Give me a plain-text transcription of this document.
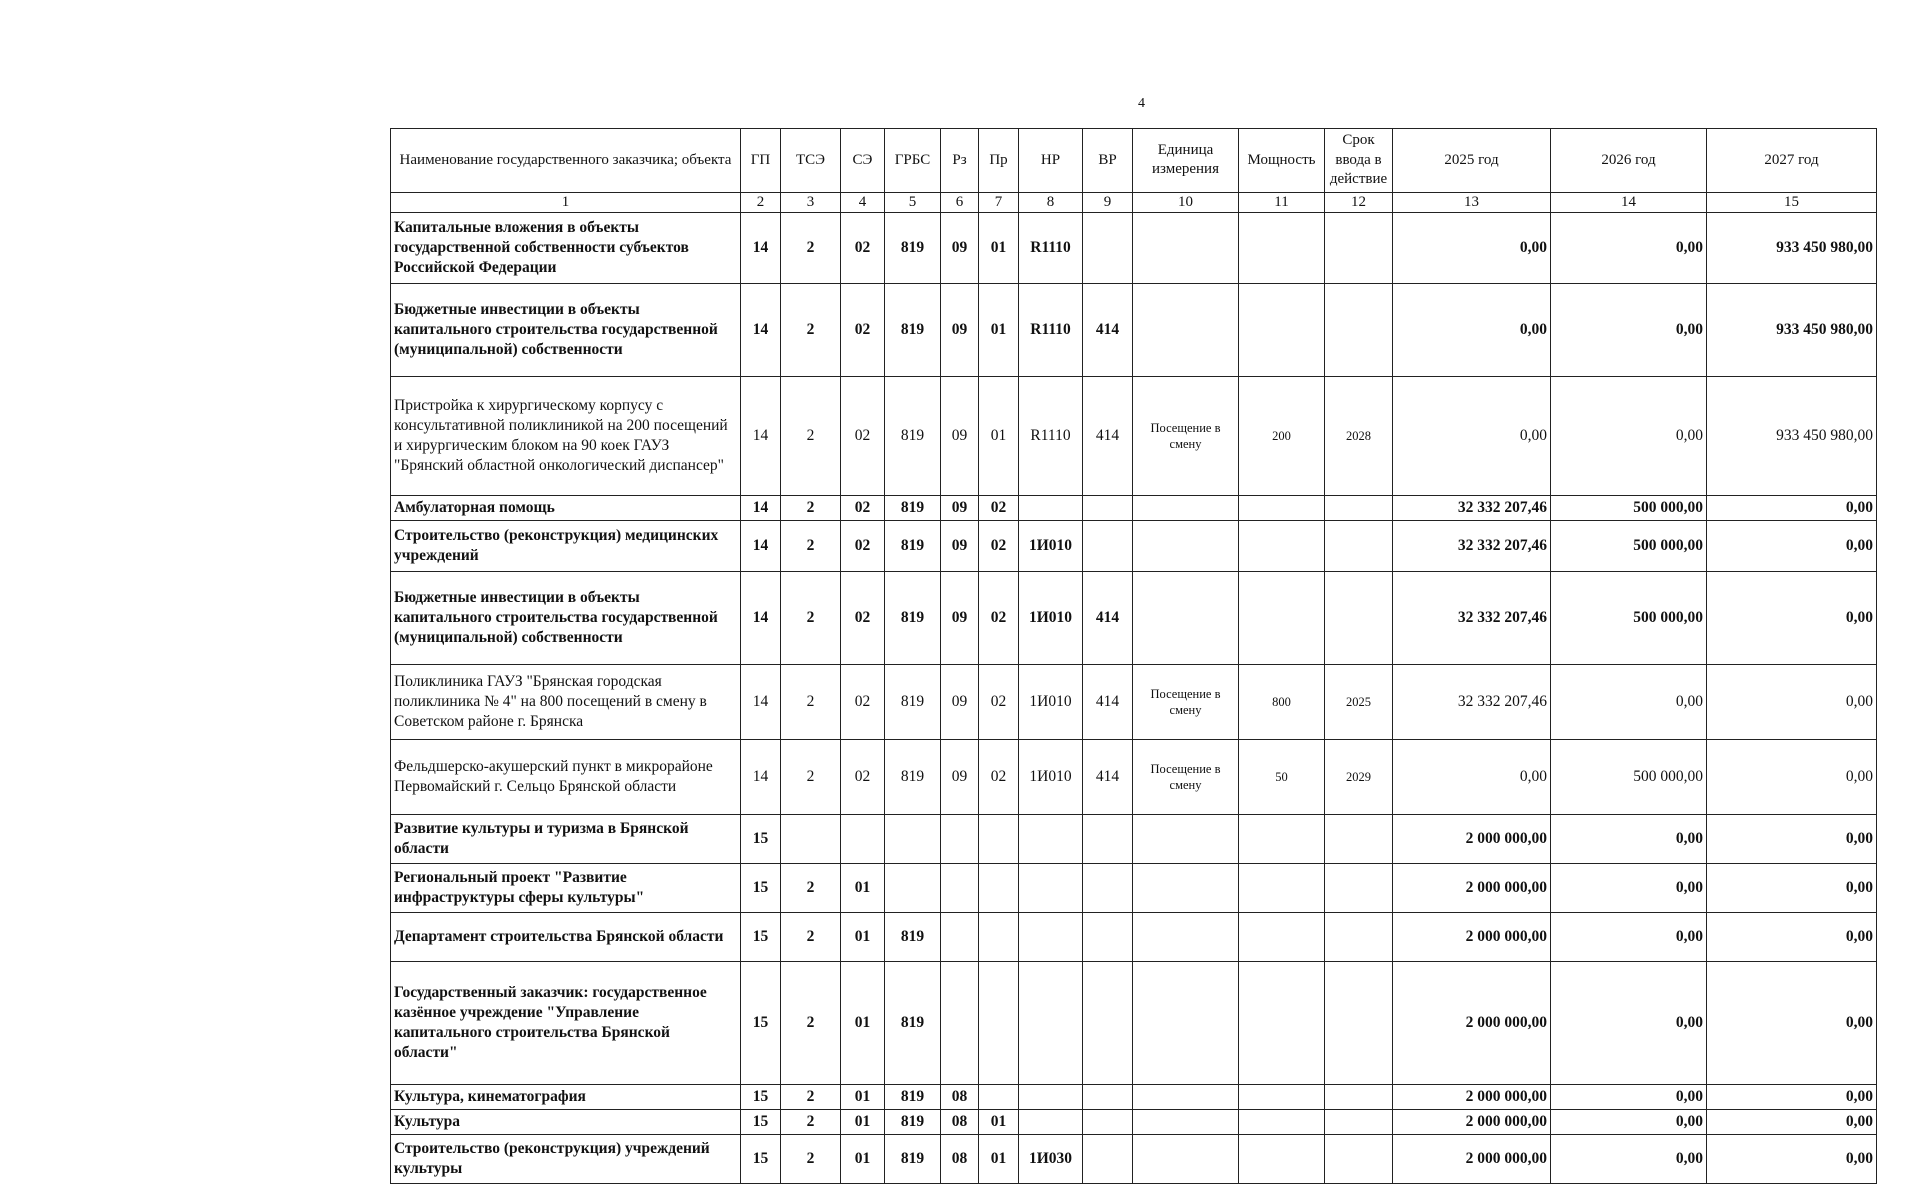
4
Наименование государственного заказчика; объекта	ГП	ТСЭ	СЭ	ГРБС	Рз	Пр	НР	ВР	Единица измерения	Мощность	Срок ввода в действие	2025 год	2026 год	2027 год
1	2	3	4	5	6	7	8	9	10	11	12	13	14	15
Капитальные вложения в объекты государственной собственности субъектов Российской Федерации	14	2	02	819	09	01	R1110					0,00	0,00	933 450 980,00
Бюджетные инвестиции в объекты капитального строительства государственной (муниципальной) собственности	14	2	02	819	09	01	R1110	414				0,00	0,00	933 450 980,00
Пристройка к хирургическому корпусу с консультативной поликлиникой на 200 посещений и хирургическим блоком на 90 коек ГАУЗ "Брянский областной онкологический диспансер"	14	2	02	819	09	01	R1110	414	Посещение в смену	200	2028	0,00	0,00	933 450 980,00
Амбулаторная помощь	14	2	02	819	09	02						32 332 207,46	500 000,00	0,00
Строительство (реконструкция) медицинских учреждений	14	2	02	819	09	02	1И010					32 332 207,46	500 000,00	0,00
Бюджетные инвестиции в объекты капитального строительства государственной (муниципальной) собственности	14	2	02	819	09	02	1И010	414				32 332 207,46	500 000,00	0,00
Поликлиника ГАУЗ "Брянская городская поликлиника № 4" на 800 посещений в смену в Советском районе г. Брянска	14	2	02	819	09	02	1И010	414	Посещение в смену	800	2025	32 332 207,46	0,00	0,00
Фельдшерско-акушерский пункт в микрорайоне Первомайский г. Сельцо Брянской области	14	2	02	819	09	02	1И010	414	Посещение в смену	50	2029	0,00	500 000,00	0,00
Развитие культуры и туризма в Брянской области	15											2 000 000,00	0,00	0,00
Региональный проект "Развитие инфраструктуры сферы культуры"	15	2	01									2 000 000,00	0,00	0,00
Департамент строительства Брянской области	15	2	01	819								2 000 000,00	0,00	0,00
Государственный заказчик: государственное казённое учреждение "Управление капитального строительства Брянской области"	15	2	01	819								2 000 000,00	0,00	0,00
Культура, кинематография	15	2	01	819	08							2 000 000,00	0,00	0,00
Культура	15	2	01	819	08	01						2 000 000,00	0,00	0,00
Строительство (реконструкция) учреждений культуры	15	2	01	819	08	01	1И030					2 000 000,00	0,00	0,00
